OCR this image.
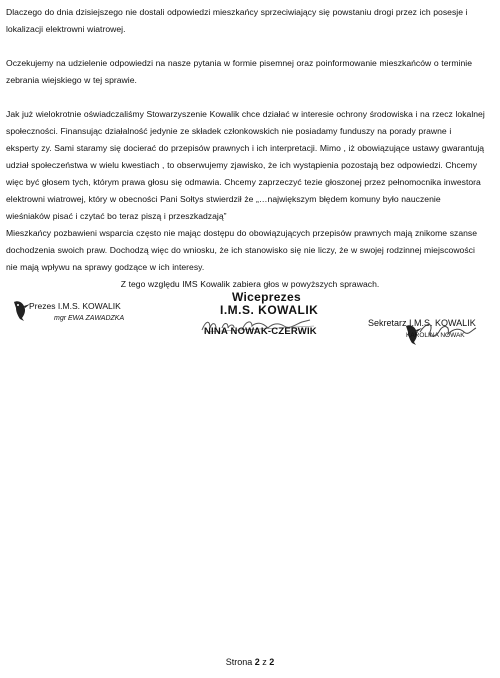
Dlaczego do dnia dzisiejszego nie dostali odpowiedzi mieszkańcy sprzeciwiający się powstaniu drogi przez ich posesje i lokalizacji elektrowni wiatrowej.

Oczekujemy na udzielenie odpowiedzi na nasze pytania w formie pisemnej oraz poinformowanie mieszkańców o terminie zebrania wiejskiego w tej sprawie.

Jak już wielokrotnie oświadczaliśmy Stowarzyszenie Kowalik chce działać w interesie ochrony środowiska i na rzecz lokalnej społeczności. Finansując działalność jedynie ze składek członkowskich nie posiadamy funduszy na porady prawne i eksperty zy. Sami staramy się docierać do przepisów prawnych i ich interpretacji. Mimo , iż obowiązujące ustawy gwarantują udział społeczeństwa w wielu kwestiach , to obserwujemy zjawisko, że ich wystąpienia pozostają bez odpowiedzi. Chcemy więc być głosem tych, którym prawa głosu się odmawia. Chcemy zaprzeczyć tezie głoszonej przez pełnomocnika inwestora elektrowni wiatrowej, który w obecności Pani Sołtys stwierdził że „…największym błędem komuny było nauczenie wieśniaków pisać i czytać bo teraz piszą i przeszkadzają”

Mieszkańcy pozbawieni wsparcia często nie mając dostępu do obowiązujących przepisów prawnych mają znikome szanse dochodzenia swoich praw. Dochodzą więc do wniosku, że ich stanowisko się nie liczy, że w swojej rodzinnej miejscowości nie mają wpływu na sprawy godzące w ich interesy.

Z tego względu IMS Kowalik zabiera głos w powyższych sprawach.

Prezes I.M.S. KOWALIK
mgr EWA ZAWADZKA
Wiceprezes
I.M.S. KOWALIK
NINA NOWAK-CZERWIK
Sekretarz I.M.S. KOWALIK
KAROLINA NOWAK
Strona 2 z 2
